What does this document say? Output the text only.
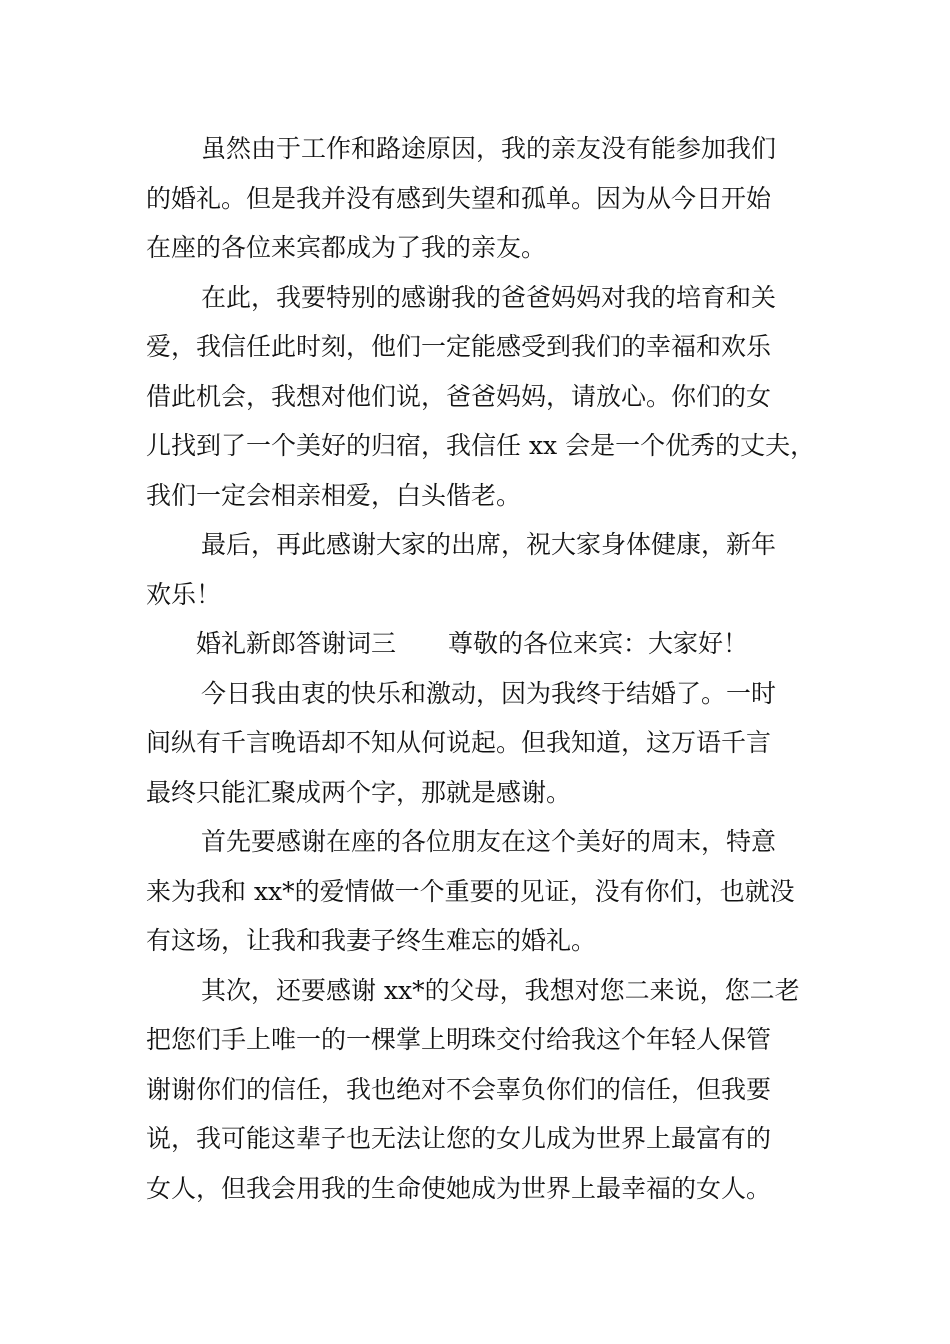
虽然由于工作和路途原因，我的亲友没有能参加我们
的婚礼。但是我并没有感到失望和孤单。因为从今日开始
在座的各位来宾都成为了我的亲友。
在此，我要特别的感谢我的爸爸妈妈对我的培育和关
爱，我信任此时刻，他们一定能感受到我们的幸福和欢乐
借此机会，我想对他们说，爸爸妈妈，请放心。你们的女
儿找到了一个美好的归宿，我信任 xx 会是一个优秀的丈夫，
我们一定会相亲相爱，白头偕老。
最后，再此感谢大家的出席，祝大家身体健康，新年
欢乐！
婚礼新郎答谢词三 尊敬的各位来宾：大家好！
今日我由衷的快乐和激动，因为我终于结婚了。一时
间纵有千言晚语却不知从何说起。但我知道，这万语千言
最终只能汇聚成两个字，那就是感谢。
首先要感谢在座的各位朋友在这个美好的周末，特意
来为我和 xx*的爱情做一个重要的见证，没有你们，也就没
有这场，让我和我妻子终生难忘的婚礼。
其次，还要感谢 xx*的父母，我想对您二来说，您二老
把您们手上唯一的一棵掌上明珠交付给我这个年轻人保管
谢谢你们的信任，我也绝对不会辜负你们的信任，但我要
说，我可能这辈子也无法让您的女儿成为世界上最富有的
女人，但我会用我的生命使她成为世界上最幸福的女人。
